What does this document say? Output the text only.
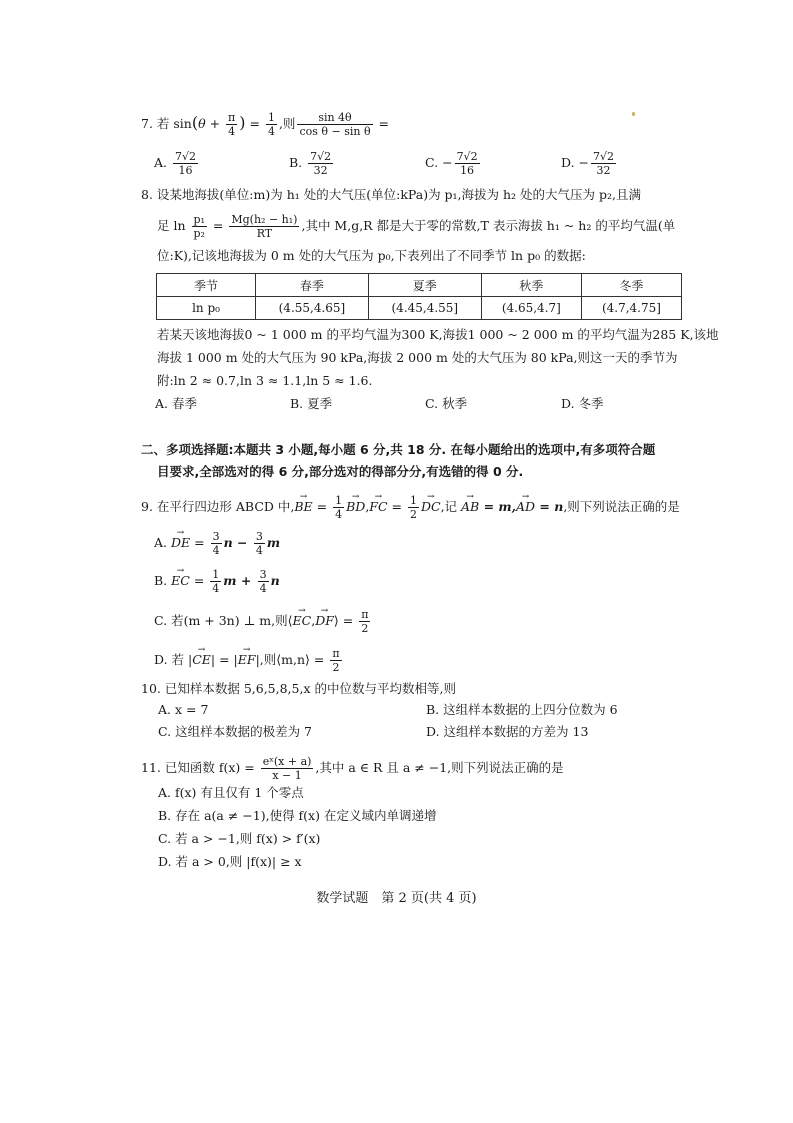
7. 若 $\sin(\theta + \frac{\pi}{4}$ ) = $\frac{1}{4}$ ,则 $\frac{\sin 4\theta}{\text{cos θ − sin θ}}$ =
A. $\frac{7√2}{16}$	B. $\frac{7√2}{32}$	C. − $\frac{7√2}{16}$	D. − $\frac{7√2}{32}$
8. 设某地海拔(单位:m)为 h₁ 处的大气压(单位:kPa)为 p₁,海拔为 h₂ 处的大气压为 p₂,且满
足 $\ln \frac{\text{p₁}}{\text{p₂}} = \frac{\text{Mg(h₂ − h₁)}}{RT}$ ,其中 M,g,R 都是大于零的常数,T 表示海拔 h₁ ~ h₂ 的平均气温(单
位:K),记该地海拔为 0 m 处的大气压为 p₀,下表列出了不同季节 ln p₀ 的数据:
季节	春季	夏季	秋季	冬季
ln p₀	(4.55,4.65]	(4.45,4.55]	(4.65,4.7]	(4.7,4.75]
若某天该地海拔0 ~ 1 000 m 的平均气温为300 K,海拔1 000 ~ 2 000 m 的平均气温为285 K,该地
海拔 1 000 m 处的大气压为 90 kPa,海拔 2 000 m 处的大气压为 80 kPa,则这一天的季节为
附:ln 2 ≈ 0.7,ln 3 ≈ 1.1,ln 5 ≈ 1.6.
A. 春季	B. 夏季	C. 秋季	D. 冬季
二、多项选择题:本题共 3 小题,每小题 6 分,共 18 分. 在每小题给出的选项中,有多项符合题
目要求,全部选对的得 6 分,部分选对的得部分分,有选错的得 0 分.
9. 在平行四边形 ABCD 中,→ BE = $\frac{1}{4} \to BD,\to$ FC = $\frac{1}{2}$ → DC,记 → AB = m,→ AD = n,则下列说法正确的是
A. → DE = $\frac{3}{4}$ $n - \frac{3}{4}$ m
B. → EC = $\frac{1}{4}$ $m + \frac{3}{4}$ n
C. 若(m + 3n) ⊥ m,则⟨→ EC,→ DF⟩ = $\frac{\pi}{2}$
D. 若 |→ CE| = |→ EF|,则⟨m,n⟩ = $\frac{\pi}{2}$
10. 已知样本数据 5,6,5,8,5,x 的中位数与平均数相等,则
A. x = 7	B. 这组样本数据的上四分位数为 6
C. 这组样本数据的极差为 7	D. 这组样本数据的方差为 13
11. 已知函数 $f(x) = \frac{\text{eˣ(x + a)}}{x - 1}$ ,其中 a ∈ R 且 a ≠ −1,则下列说法正确的是
A. f(x) 有且仅有 1 个零点
B. 存在 a(a ≠ −1),使得 f(x) 在定义域内单调递增
C. 若 a > −1,则 f(x) > f′(x)
D. 若 a > 0,则 |f(x)| ≥ x
数学试题　第 2 页(共 4 页)
